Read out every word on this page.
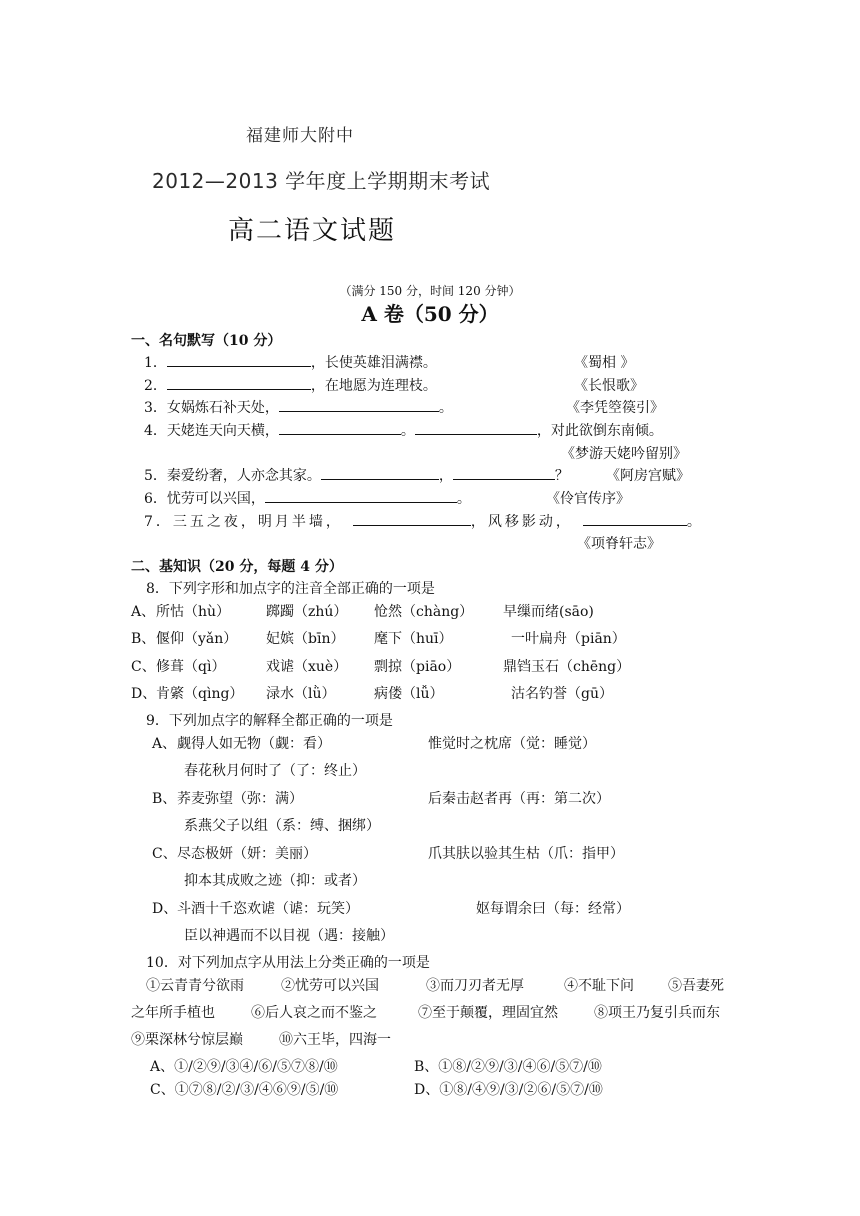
福建师大附中
2012—2013 学年度上学期期末考试
高二语文试题
（满分 150 分，时间 120 分钟）
A 卷（50 分）
一、名句默写（10 分）
1．	，长使英雄泪满襟。	《蜀相 》
2．	，在地愿为连理枝。	《长恨歌》
3．女娲炼石补天处，	。	《李凭箜篌引》
4．天姥连天向天横，	。	，对此欲倒东南倾。
《梦游天姥吟留别》
5．秦爱纷奢，人亦念其家。	，	？	《阿房宫赋》
6．忧劳可以兴国，	。	《伶官传序》
7．三五之夜，明月半墙，	，风移影动，	。
《项脊轩志》
二、基知识（20 分，每题 4 分）
8．下列字形和加点字的注音全部正确的一项是
A、 所怙（hù）	踯躅（zhú） 怆然（chàng） 早缫而绪(sāo)
B、 偃仰（yǎn） 妃嫔（bīn） 麾下（huī）	一叶扁舟（piān）
C、 修葺（qì）	戏谑（xuè） 剽掠（piāo）	鼎铛玉石（chēng）
D、 肯綮（qìng） 渌水（lǜ）	病偻（lǚ）	沽名钓誉（gū）
9．下列加点字的解释全都正确的一项是
A、 觑得人如无物（觑：看）	惟觉时之枕席（觉：睡觉）
春花秋月何时了（了：终止）
B、 荞麦弥望（弥：满）	后秦击赵者再（再：第二次）
系燕父子以组（系：缚、捆绑）
C、 尽态极妍（妍：美丽）	爪其肤以验其生枯（爪：指甲）
抑本其成败之迹（抑：或者）
D、 斗酒十千恣欢谑（谑：玩笑）	妪每谓余曰（每：经常）
臣以神遇而不以目视（遇：接触）
10．对下列加点字从用法上分类正确的一项是
①云青青兮欲雨	②忧劳可以兴国	③而刀刃者无厚	④不耻下问 ⑤吾妻死
之年所手植也	⑥后人哀之而不鉴之	⑦至于颠覆，理固宜然	⑧项王乃复引兵而东
⑨栗深林兮惊层巅	⑩六王毕，四海一
A、①/②⑨/③④/⑥/⑤⑦⑧/⑩	B、①⑧/②⑨/③/④⑥/⑤⑦/⑩
C、①⑦⑧/②/③/④⑥⑨/⑤/⑩	D、①⑧/④⑨/③/②⑥/⑤⑦/⑩
